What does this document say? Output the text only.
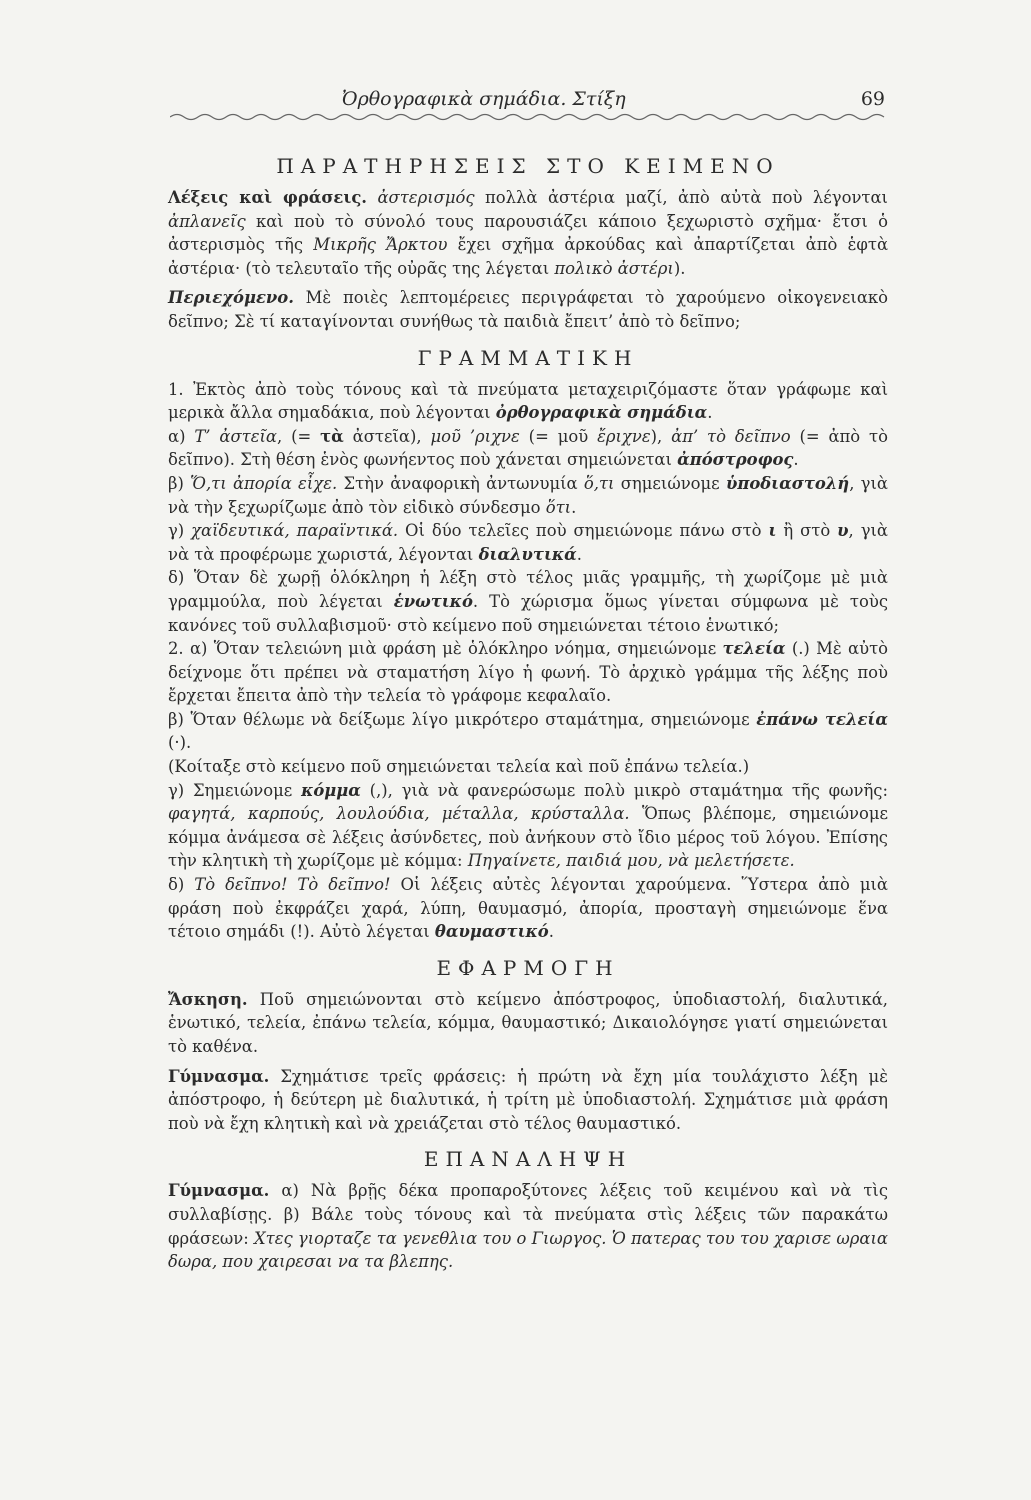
Ὀρθογραφικὰ σημάδια. Στίξη	69
ΠΑΡΑΤΗΡΗΣΕΙΣ ΣΤΟ ΚΕΙΜΕΝΟ

Λέξεις καὶ φράσεις. ἀστερισμός πολλὰ ἀστέρια μαζί, ἀπὸ αὐτὰ ποὺ λέγονται ἀπλανεῖς καὶ ποὺ τὸ σύνολό τους παρουσιάζει κάποιο ξεχωριστὸ σχῆμα· ἔτσι ὁ ἀστερισμὸς τῆς Μικρῆς Ἄρκτου ἔχει σχῆμα ἀρκούδας καὶ ἀπαρτίζεται ἀπὸ ἑφτὰ ἀστέρια· (τὸ τελευταῖο τῆς οὐρᾶς της λέγεται πολικὸ ἀστέρι).

Περιεχόμενο. Μὲ ποιὲς λεπτομέρειες περιγράφεται τὸ χαρούμενο οἰκογενειακὸ δεῖπνο; Σὲ τί καταγίνονται συνήθως τὰ παιδιὰ ἔπειτ’ ἀπὸ τὸ δεῖπνο;

ΓΡΑΜΜΑΤΙΚΗ

1. Ἐκτὸς ἀπὸ τοὺς τόνους καὶ τὰ πνεύματα μεταχειριζόμαστε ὅταν γράφωμε καὶ μερικὰ ἄλλα σημαδάκια, ποὺ λέγονται ὀρθογραφικὰ σημάδια.

α) Τ’ ἀστεῖα, (= τὰ ἀστεῖα), μοῦ ’ριχνε (= μοῦ ἔριχνε), ἀπ’ τὸ δεῖπνο (= ἀπὸ τὸ δεῖπνο). Στὴ θέση ἑνὸς φωνήεντος ποὺ χάνεται σημειώνεται ἀπόστροφος.

β) Ὅ,τι ἀπορία εἶχε. Στὴν ἀναφορικὴ ἀντωνυμία ὅ,τι σημειώνομε ὑποδιαστολή, γιὰ νὰ τὴν ξεχωρίζωμε ἀπὸ τὸν εἰδικὸ σύνδεσμο ὅτι.

γ) χαϊδευτικά, παραϊντικά. Οἱ δύο τελεῖες ποὺ σημειώνομε πάνω στὸ ι ἢ στὸ υ, γιὰ νὰ τὰ προφέρωμε χωριστά, λέγονται διαλυτικά.

δ) Ὅταν δὲ χωρῇ ὁλόκληρη ἡ λέξη στὸ τέλος μιᾶς γραμμῆς, τὴ χωρίζομε μὲ μιὰ γραμμούλα, ποὺ λέγεται ἑνωτικό. Τὸ χώρισμα ὅμως γίνεται σύμφωνα μὲ τοὺς κανόνες τοῦ συλλαβισμοῦ· στὸ κείμενο ποῦ σημειώνεται τέτοιο ἑνωτικό;

2. α) Ὅταν τελειώνη μιὰ φράση μὲ ὁλόκληρο νόημα, σημειώνομε τελεία (.) Μὲ αὐτὸ δείχνομε ὅτι πρέπει νὰ σταματήση λίγο ἡ φωνή. Τὸ ἀρχικὸ γράμμα τῆς λέξης ποὺ ἔρχεται ἔπειτα ἀπὸ τὴν τελεία τὸ γράφομε κεφαλαῖο.

β) Ὅταν θέλωμε νὰ δείξωμε λίγο μικρότερο σταμάτημα, σημειώνομε ἐπάνω τελεία (·).

(Κοίταξε στὸ κείμενο ποῦ σημειώνεται τελεία καὶ ποῦ ἐπάνω τελεία.)

γ) Σημειώνομε κόμμα (,), γιὰ νὰ φανερώσωμε πολὺ μικρὸ σταμάτημα τῆς φωνῆς: φαγητά, καρπούς, λουλούδια, μέταλλα, κρύσταλλα. Ὅπως βλέπομε, σημειώνομε κόμμα ἀνάμεσα σὲ λέξεις ἀσύνδετες, ποὺ ἀνήκουν στὸ ἴδιο μέρος τοῦ λόγου. Ἐπίσης τὴν κλητικὴ τὴ χωρίζομε μὲ κόμμα: Πηγαίνετε, παιδιά μου, νὰ μελετήσετε.

δ) Τὸ δεῖπνο! Τὸ δεῖπνο! Οἱ λέξεις αὐτὲς λέγονται χαρούμενα. Ὕστερα ἀπὸ μιὰ φράση ποὺ ἐκφράζει χαρά, λύπη, θαυμασμό, ἀπορία, προσταγὴ σημειώνομε ἕνα τέτοιο σημάδι (!). Αὐτὸ λέγεται θαυμαστικό.

ΕΦΑΡΜΟΓΗ

Ἄσκηση. Ποῦ σημειώνονται στὸ κείμενο ἀπόστροφος, ὑποδιαστολή, διαλυτικά, ἑνωτικό, τελεία, ἐπάνω τελεία, κόμμα, θαυμαστικό; Δικαιολόγησε γιατί σημειώνεται τὸ καθένα.

Γύμνασμα. Σχημάτισε τρεῖς φράσεις: ἡ πρώτη νὰ ἔχη μία τουλάχιστο λέξη μὲ ἀπόστροφο, ἡ δεύτερη μὲ διαλυτικά, ἡ τρίτη μὲ ὑποδιαστολή. Σχημάτισε μιὰ φράση ποὺ νὰ ἔχη κλητικὴ καὶ νὰ χρειάζεται στὸ τέλος θαυμαστικό.

ΕΠΑΝΑΛΗΨΗ

Γύμνασμα. α) Νὰ βρῇς δέκα προπαροξύτονες λέξεις τοῦ κειμένου καὶ νὰ τὶς συλλαβίσῃς. β) Βάλε τοὺς τόνους καὶ τὰ πνεύματα στὶς λέξεις τῶν παρακάτω φράσεων: Χτες γιορταζε τα γενεθλια του ο Γιωργος. Ὁ πατερας του του χαρισε ωραια δωρα, που χαιρεσαι να τα βλεπης.
